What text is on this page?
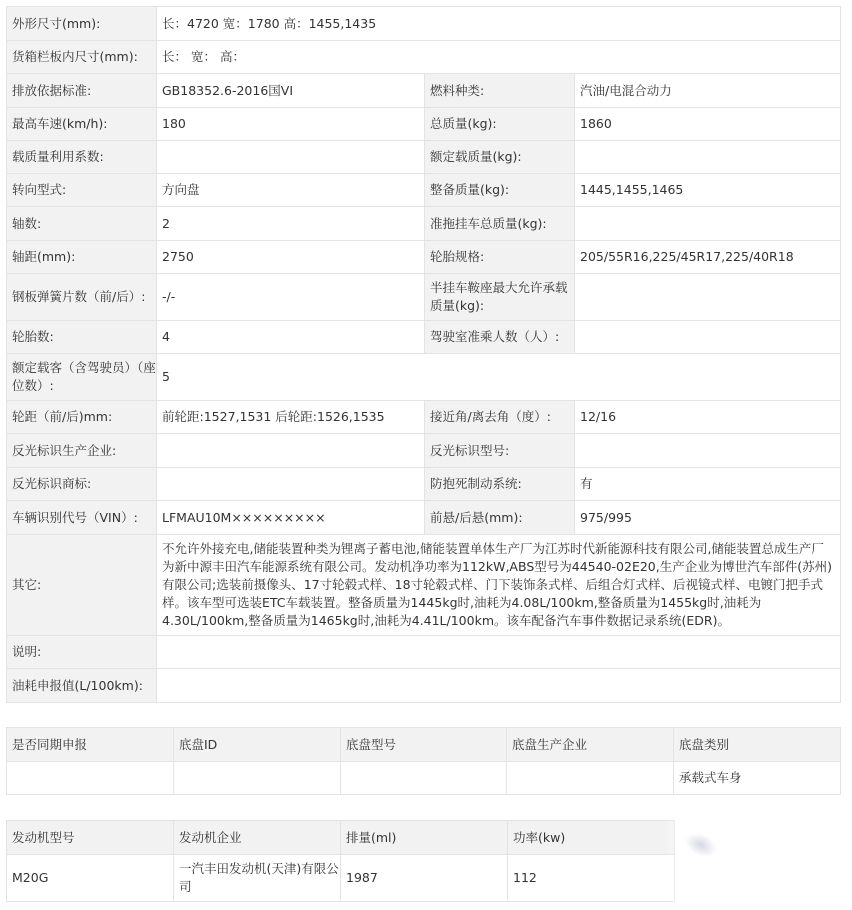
外形尺寸(mm):	长：4720 宽：1780 高：1455,1435		
货箱栏板内尺寸(mm):	长： 宽： 高：		
排放依据标准:	GB18352.6-2016国VI	燃料种类:	汽油/电混合动力
最高车速(km/h):	180	总质量(kg):	1860
载质量利用系数:		额定载质量(kg):	
转向型式:	方向盘	整备质量(kg):	1445,1455,1465
轴数:	2	准拖挂车总质量(kg):	
轴距(mm):	2750	轮胎规格:	205/55R16,225/45R17,225/40R18
钢板弹簧片数（前/后）:	-/-	半挂车鞍座最大允许承载质量(kg):	
轮胎数:	4	驾驶室准乘人数（人）:	
额定载客（含驾驶员）（座位数）:	5		
轮距（前/后)mm:	前轮距:1527,1531 后轮距:1526,1535	接近角/离去角（度）:	12/16
反光标识生产企业:		反光标识型号:	
反光标识商标:		防抱死制动系统:	有
车辆识别代号（VIN）:	LFMAU10M×××××××××	前悬/后悬(mm):	975/995
其它:	不允许外接充电,储能装置种类为锂离子蓄电池,储能装置单体生产厂为江苏时代新能源科技有限公司,储能装置总成生产厂为新中源丰田汽车能源系统有限公司。发动机净功率为112kW,ABS型号为44540-02E20,生产企业为博世汽车部件(苏州)有限公司;选装前摄像头、17寸轮毂式样、18寸轮毂式样、门下装饰条式样、后组合灯式样、后视镜式样、电镀门把手式样。该车型可选装ETC车载装置。整备质量为1445kg时,油耗为4.08L/100km,整备质量为1455kg时,油耗为4.30L/100km,整备质量为1465kg时,油耗为4.41L/100km。该车配备汽车事件数据记录系统(EDR)。		
说明:			
油耗申报值(L/100km):			
是否同期申报	底盘ID	底盘型号	底盘生产企业	底盘类别
				承载式车身
发动机型号	发动机企业	排量(ml)	功率(kw)
M20G	一汽丰田发动机(天津)有限公司	1987	112
